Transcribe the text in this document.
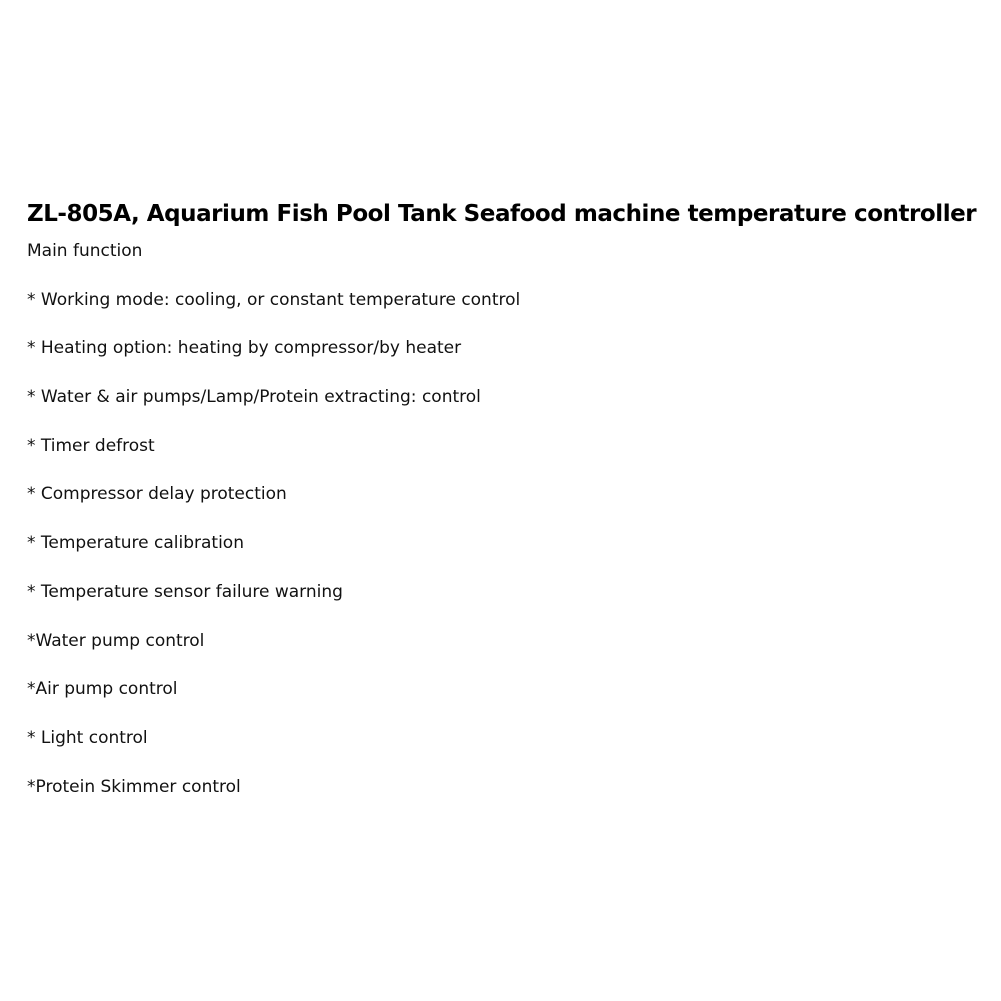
ZL-805A, Aquarium Fish Pool Tank Seafood machine temperature controller
Main function
* Working mode: cooling, or constant temperature control
* Heating option: heating by compressor/by heater
* Water & air pumps/Lamp/Protein extracting: control
* Timer defrost
* Compressor delay protection
* Temperature calibration
* Temperature sensor failure warning
*Water pump control
*Air pump control
* Light control
*Protein Skimmer control
